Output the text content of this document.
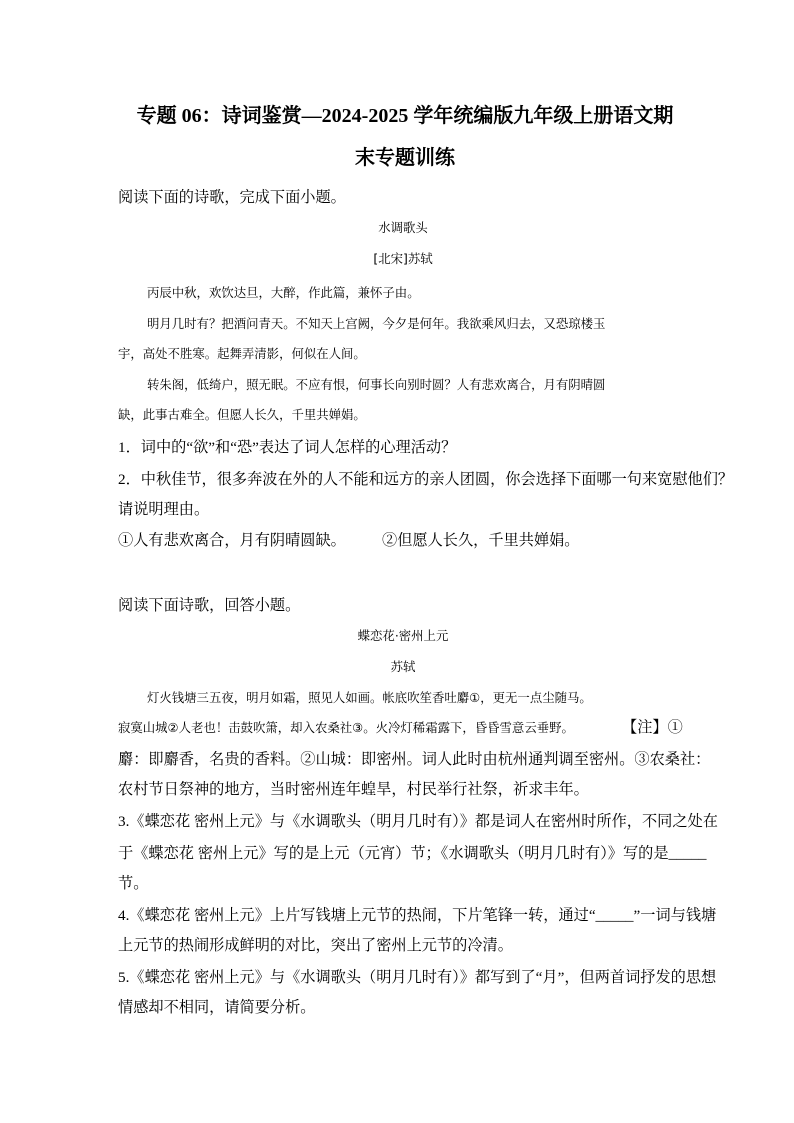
专题 06：诗词鉴赏—2024-2025 学年统编版九年级上册语文期
末专题训练
阅读下面的诗歌，完成下面小题。
水调歌头
[北宋]苏轼
丙辰中秋，欢饮达旦，大醉，作此篇，兼怀子由。
明月几时有？把酒问青天。不知天上宫阙，今夕是何年。我欲乘风归去，又恐琼楼玉
宇，高处不胜寒。起舞弄清影，何似在人间。
转朱阁，低绮户，照无眠。不应有恨，何事长向别时圆？人有悲欢离合，月有阴晴圆
缺，此事古难全。但愿人长久，千里共婵娟。
1．词中的“欲”和“恐”表达了词人怎样的心理活动？
2．中秋佳节，很多奔波在外的人不能和远方的亲人团圆，你会选择下面哪一句来宽慰他们？
请说明理由。
①人有悲欢离合，月有阴晴圆缺。	②但愿人长久，千里共婵娟。
阅读下面诗歌，回答小题。
蝶恋花·密州上元
苏轼
灯火钱塘三五夜，明月如霜，照见人如画。帐底吹笙香吐麝①，更无一点尘随马。
寂寞山城②人老也！击鼓吹箫，却入农桑社③。火冷灯稀霜露下，昏昏雪意云垂野。	【注】①
麝：即麝香，名贵的香料。②山城：即密州。词人此时由杭州通判调至密州。③农桑社：
农村节日祭神的地方，当时密州连年蝗旱，村民举行社祭，祈求丰年。
3.《蝶恋花 密州上元》与《水调歌头（明月几时有）》都是词人在密州时所作，不同之处在
于《蝶恋花 密州上元》写的是上元（元宵）节；《水调歌头（明月几时有）》写的是_____
节。
4.《蝶恋花 密州上元》上片写钱塘上元节的热闹，下片笔锋一转，通过“_____”一词与钱塘
上元节的热闹形成鲜明的对比，突出了密州上元节的冷清。
5.《蝶恋花 密州上元》与《水调歌头（明月几时有）》都写到了“月”，但两首词抒发的思想
情感却不相同，请简要分析。
